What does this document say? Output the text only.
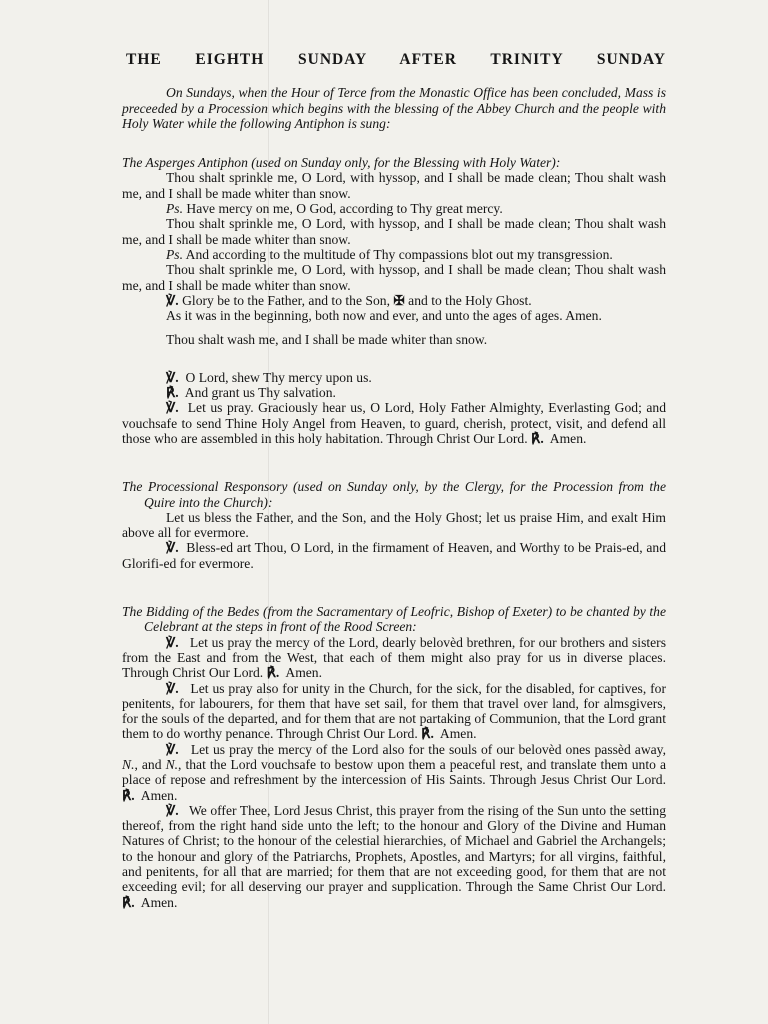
THE EIGHTH SUNDAY AFTER TRINITY SUNDAY

On Sundays, when the Hour of Terce from the Monastic Office has been concluded, Mass is preceeded by a Procession which begins with the blessing of the Abbey Church and the people with Holy Water while the following Antiphon is sung:

The Asperges Antiphon (used on Sunday only, for the Blessing with Holy Water):

Thou shalt sprinkle me, O Lord, with hyssop, and I shall be made clean; Thou shalt wash me, and I shall be made whiter than snow.

Ps. Have mercy on me, O God, according to Thy great mercy.

Thou shalt sprinkle me, O Lord, with hyssop, and I shall be made clean; Thou shalt wash me, and I shall be made whiter than snow.

Ps. And according to the multitude of Thy compassions blot out my transgression.

Thou shalt sprinkle me, O Lord, with hyssop, and I shall be made clean; Thou shalt wash me, and I shall be made whiter than snow.

℣. Glory be to the Father, and to the Son, ✠ and to the Holy Ghost.

As it was in the beginning, both now and ever, and unto the ages of ages. Amen.

Thou shalt wash me, and I shall be made whiter than snow.

℣. O Lord, shew Thy mercy upon us.

℟. And grant us Thy salvation.

℣. Let us pray. Graciously hear us, O Lord, Holy Father Almighty, Everlasting God; and vouchsafe to send Thine Holy Angel from Heaven, to guard, cherish, protect, visit, and defend all those who are assembled in this holy habitation. Through Christ Our Lord. ℟. Amen.

The Processional Responsory (used on Sunday only, by the Clergy, for the Procession from the Quire into the Church):

Let us bless the Father, and the Son, and the Holy Ghost; let us praise Him, and exalt Him above all for evermore.

℣. Bless-ed art Thou, O Lord, in the firmament of Heaven, and Worthy to be Prais-ed, and Glorifi-ed for evermore.

The Bidding of the Bedes (from the Sacramentary of Leofric, Bishop of Exeter) to be chanted by the Celebrant at the steps in front of the Rood Screen:

℣. Let us pray the mercy of the Lord, dearly belovèd brethren, for our brothers and sisters from the East and from the West, that each of them might also pray for us in diverse places. Through Christ Our Lord. ℟. Amen.

℣. Let us pray also for unity in the Church, for the sick, for the disabled, for captives, for penitents, for labourers, for them that have set sail, for them that travel over land, for almsgivers, for the souls of the departed, and for them that are not partaking of Communion, that the Lord grant them to do worthy penance. Through Christ Our Lord. ℟. Amen.

℣. Let us pray the mercy of the Lord also for the souls of our belovèd ones passèd away, N., and N., that the Lord vouchsafe to bestow upon them a peaceful rest, and translate them unto a place of repose and refreshment by the intercession of His Saints. Through Jesus Christ Our Lord. ℟. Amen.

℣. We offer Thee, Lord Jesus Christ, this prayer from the rising of the Sun unto the setting thereof, from the right hand side unto the left; to the honour and Glory of the Divine and Human Natures of Christ; to the honour of the celestial hierarchies, of Michael and Gabriel the Archangels; to the honour and glory of the Patriarchs, Prophets, Apostles, and Martyrs; for all virgins, faithful, and penitents, for all that are married; for them that are not exceeding good, for them that are not exceeding evil; for all deserving our prayer and supplication. Through the Same Christ Our Lord. ℟. Amen.
